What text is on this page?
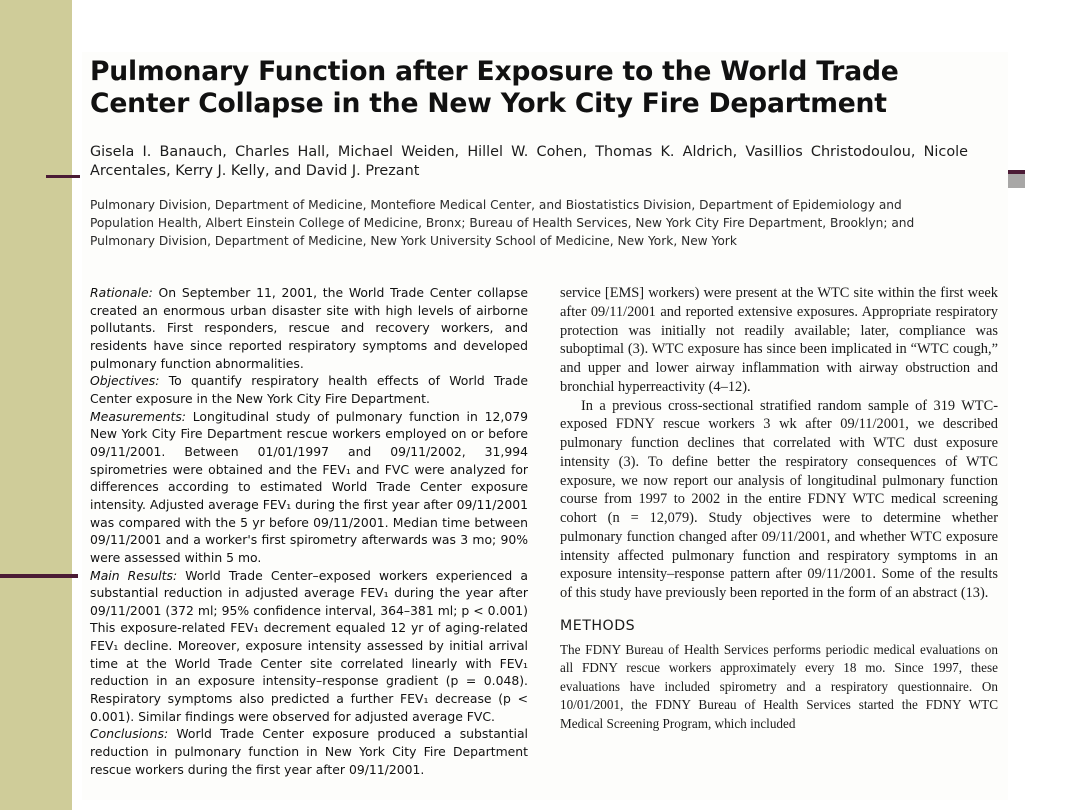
Pulmonary Function after Exposure to the World Trade Center Collapse in the New York City Fire Department

Gisela I. Banauch, Charles Hall, Michael Weiden, Hillel W. Cohen, Thomas K. Aldrich, Vasillios Christodoulou, Nicole Arcentales, Kerry J. Kelly, and David J. Prezant

Pulmonary Division, Department of Medicine, Montefiore Medical Center, and Biostatistics Division, Department of Epidemiology and Population Health, Albert Einstein College of Medicine, Bronx; Bureau of Health Services, New York City Fire Department, Brooklyn; and Pulmonary Division, Department of Medicine, New York University School of Medicine, New York, New York

Rationale: On September 11, 2001, the World Trade Center collapse created an enormous urban disaster site with high levels of airborne pollutants. First responders, rescue and recovery workers, and residents have since reported respiratory symptoms and developed pulmonary function abnormalities.

Objectives: To quantify respiratory health effects of World Trade Center exposure in the New York City Fire Department.

Measurements: Longitudinal study of pulmonary function in 12,079 New York City Fire Department rescue workers employed on or before 09/11/2001. Between 01/01/1997 and 09/11/2002, 31,994 spirometries were obtained and the FEV₁ and FVC were analyzed for differences according to estimated World Trade Center exposure intensity. Adjusted average FEV₁ during the first year after 09/11/2001 was compared with the 5 yr before 09/11/2001. Median time between 09/11/2001 and a worker's first spirometry afterwards was 3 mo; 90% were assessed within 5 mo.

Main Results: World Trade Center–exposed workers experienced a substantial reduction in adjusted average FEV₁ during the year after 09/11/2001 (372 ml; 95% confidence interval, 364–381 ml; p < 0.001) This exposure-related FEV₁ decrement equaled 12 yr of aging-related FEV₁ decline. Moreover, exposure intensity assessed by initial arrival time at the World Trade Center site correlated linearly with FEV₁ reduction in an exposure intensity–response gradient (p = 0.048). Respiratory symptoms also predicted a further FEV₁ decrease (p < 0.001). Similar findings were observed for adjusted average FVC.

Conclusions: World Trade Center exposure produced a substantial reduction in pulmonary function in New York City Fire Department rescue workers during the first year after 09/11/2001.

service [EMS] workers) were present at the WTC site within the first week after 09/11/2001 and reported extensive exposures. Appropriate respiratory protection was initially not readily available; later, compliance was suboptimal (3). WTC exposure has since been implicated in “WTC cough,” and upper and lower airway inflammation with airway obstruction and bronchial hyperreactivity (4–12).

In a previous cross-sectional stratified random sample of 319 WTC-exposed FDNY rescue workers 3 wk after 09/11/2001, we described pulmonary function declines that correlated with WTC dust exposure intensity (3). To define better the respiratory consequences of WTC exposure, we now report our analysis of longitudinal pulmonary function course from 1997 to 2002 in the entire FDNY WTC medical screening cohort (n = 12,079). Study objectives were to determine whether pulmonary function changed after 09/11/2001, and whether WTC exposure intensity affected pulmonary function and respiratory symptoms in an exposure intensity–response pattern after 09/11/2001. Some of the results of this study have previously been reported in the form of an abstract (13).

METHODS

The FDNY Bureau of Health Services performs periodic medical evaluations on all FDNY rescue workers approximately every 18 mo. Since 1997, these evaluations have included spirometry and a respiratory questionnaire. On 10/01/2001, the FDNY Bureau of Health Services started the FDNY WTC Medical Screening Program, which included
